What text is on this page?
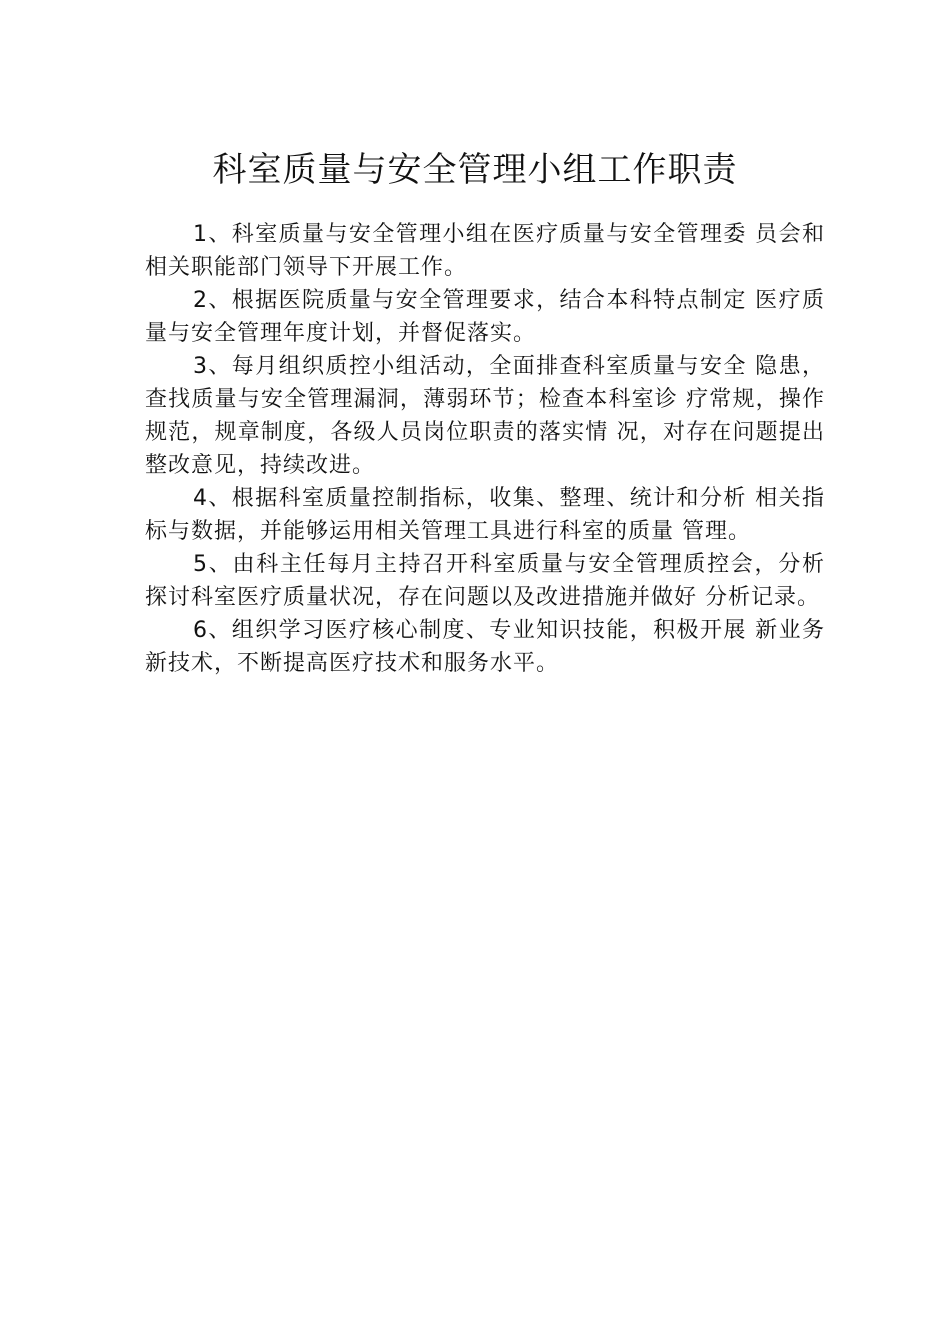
科室质量与安全管理小组工作职责

1、科室质量与安全管理小组在医疗质量与安全管理委 员会和相关职能部门领导下开展工作。

2、根据医院质量与安全管理要求，结合本科特点制定 医疗质量与安全管理年度计划，并督促落实。

3、每月组织质控小组活动，全面排查科室质量与安全 隐患，查找质量与安全管理漏洞，薄弱环节；检查本科室诊 疗常规，操作规范，规章制度，各级人员岗位职责的落实情 况，对存在问题提出整改意见，持续改进。

4、根据科室质量控制指标，收集、整理、统计和分析 相关指标与数据，并能够运用相关管理工具进行科室的质量 管理。

5、由科主任每月主持召开科室质量与安全管理质控会，分析探讨科室医疗质量状况，存在问题以及改进措施并做好 分析记录。

6、组织学习医疗核心制度、专业知识技能，积极开展 新业务新技术，不断提高医疗技术和服务水平。
